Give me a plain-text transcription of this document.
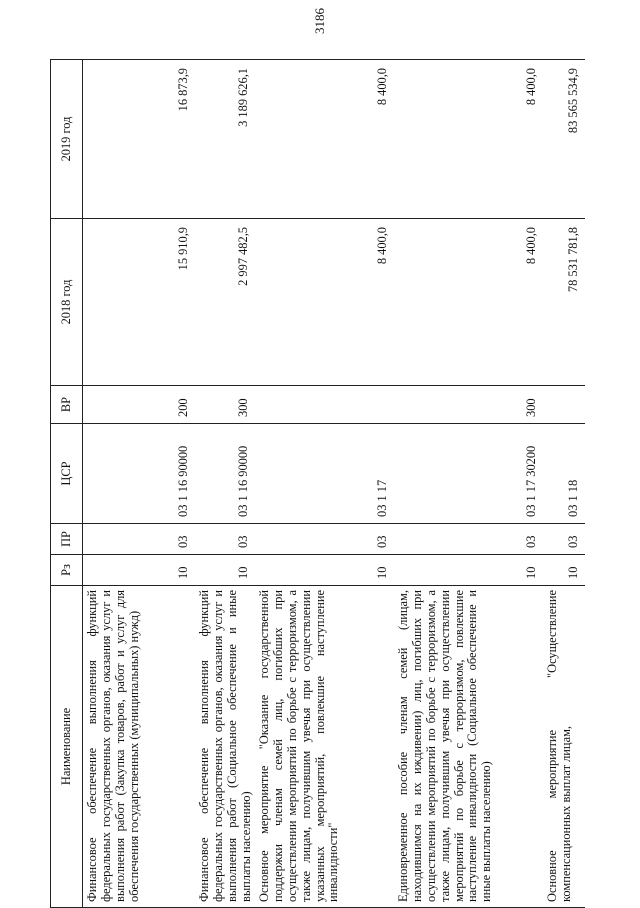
3186
Наименование	Рз	ПР	ЦСР	ВР	2018 год	2019 год
Финансовое обеспечение выполнения функций федеральных государственных органов, оказания услуг и выполнения работ (Закупка товаров, работ и услуг для обеспечения государственных (муниципальных) нужд)	10	03	03 1 16 90000	200	15 910,9	16 873,9
Финансовое обеспечение выполнения функций федеральных государственных органов, оказания услуг и выполнения работ (Социальное обеспечение и иные выплаты населению)	10	03	03 1 16 90000	300	2 997 482,5	3 189 626,1
Основное мероприятие "Оказание государственной поддержки членам семей лиц, погибших при осуществлении мероприятий по борьбе с терроризмом, а также лицам, получившим увечья при осуществлении указанных мероприятий, повлекшие наступление инвалидности"	10	03	03 1 17		8 400,0	8 400,0
Единовременное пособие членам семей (лицам, находившимся на их иждивении) лиц, погибших при осуществлении мероприятий по борьбе с терроризмом, а также лицам, получившим увечья при осуществлении мероприятий по борьбе с терроризмом, повлекшие наступление инвалидности (Социальное обеспечение и иные выплаты населению)	10	03	03 1 17 30200	300	8 400,0	8 400,0
Основное мероприятие "Осуществление компенсационных выплат лицам,	10	03	03 1 18		78 531 781,8	83 565 534,9
